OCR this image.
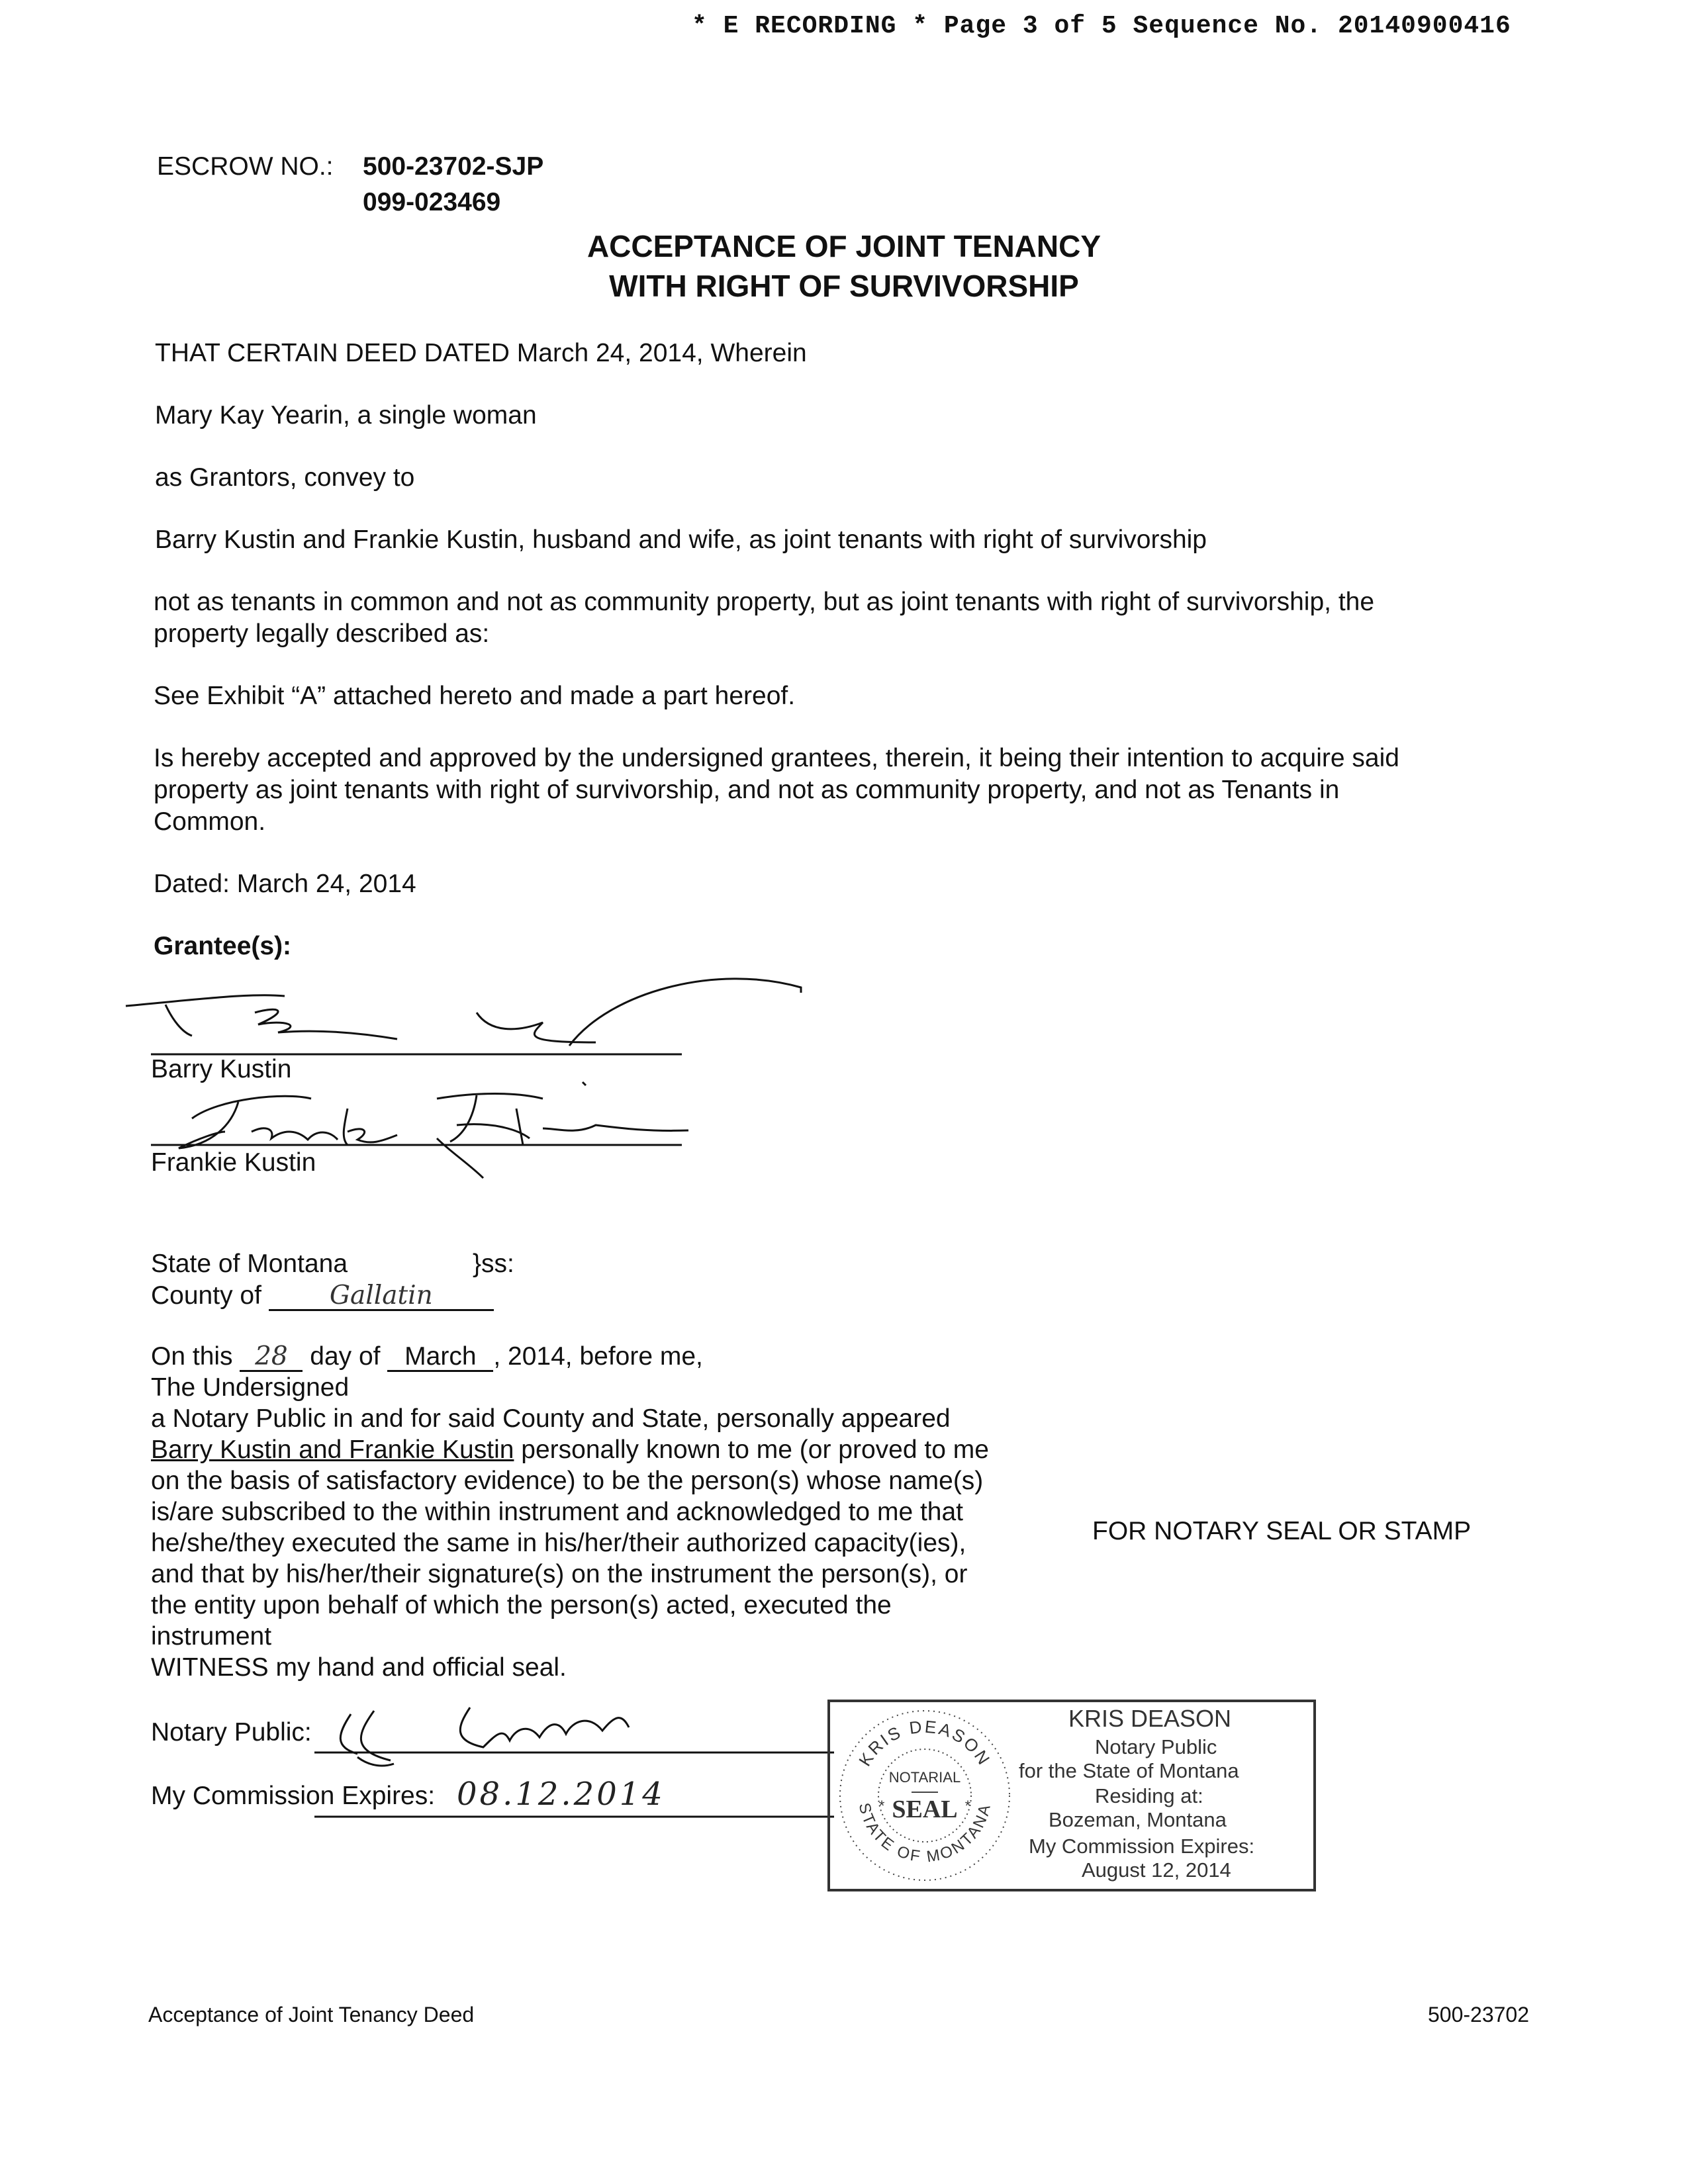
* E RECORDING * Page 3 of 5 Sequence No. 20140900416
ESCROW NO.: 500-23702-SJP
099-023469
ACCEPTANCE OF JOINT TENANCY
WITH RIGHT OF SURVIVORSHIP
THAT CERTAIN DEED DATED March 24, 2014, Wherein
Mary Kay Yearin, a single woman
as Grantors, convey to
Barry Kustin and Frankie Kustin, husband and wife, as joint tenants with right of survivorship
not as tenants in common and not as community property, but as joint tenants with right of survivorship, the
property legally described as:
See Exhibit “A” attached hereto and made a part hereof.
Is hereby accepted and approved by the undersigned grantees, therein, it being their intention to acquire said
property as joint tenants with right of survivorship, and not as community property, and not as Tenants in
Common.
Dated: March 24, 2014
Grantee(s):
Barry Kustin
Frankie Kustin
State of Montana	}ss:
County of	Gallatin
On this 28 day of March , 2014, before me,
The Undersigned
a Notary Public in and for said County and State, personally appeared
Barry Kustin and Frankie Kustin personally known to me (or proved to me
on the basis of satisfactory evidence) to be the person(s) whose name(s)
is/are subscribed to the within instrument and acknowledged to me that
he/she/they executed the same in his/her/their authorized capacity(ies),
and that by his/her/their signature(s) on the instrument the person(s), or
the entity upon behalf of which the person(s) acted, executed the
instrument
WITNESS my hand and official seal.
FOR NOTARY SEAL OR STAMP
Notary Public:
My Commission Expires: 08.12.2014
KRIS DEASON
STATE OF MONTANA
NOTARIAL
SEAL
*	*
KRIS DEASON
Notary Public
for the State of Montana
Residing at:
Bozeman, Montana
My Commission Expires:
August 12, 2014
Acceptance of Joint Tenancy Deed	500-23702
